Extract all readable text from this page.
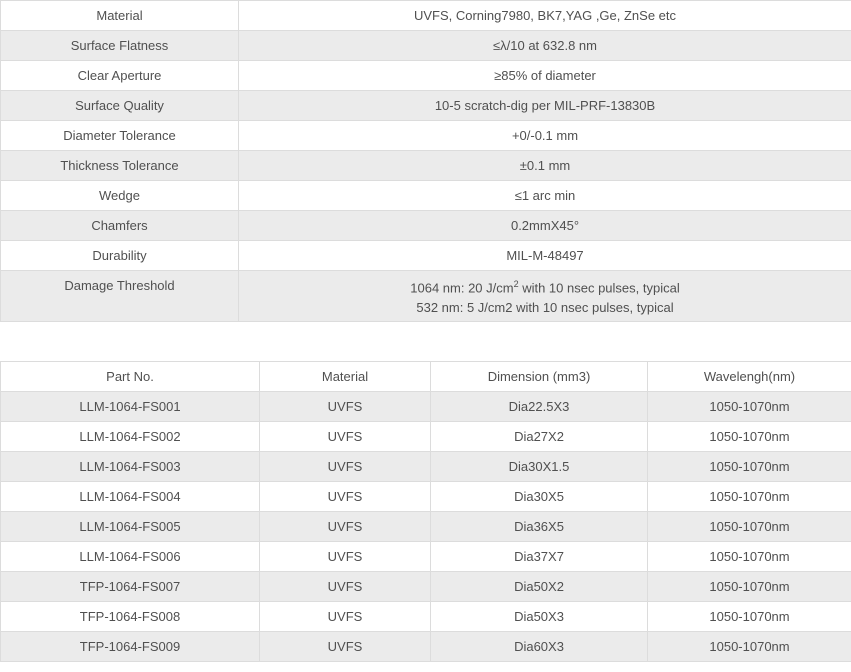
Material	UVFS, Corning7980, BK7,YAG ,Ge, ZnSe etc
Surface Flatness	≤λ/10 at 632.8 nm
Clear Aperture	≥85% of diameter
Surface Quality	10-5 scratch-dig per MIL-PRF-13830B
Diameter Tolerance	+0/-0.1 mm
Thickness Tolerance	±0.1 mm
Wedge	≤1 arc min
Chamfers	0.2mmX45°
Durability	MIL-M-48497
Damage Threshold	1064 nm: 20 $J/cm^2$ with 10 nsec pulses, typical
532 nm: 5 J/cm2 with 10 nsec pulses, typical
Part No.	Material	Dimension (mm3)	Wavelengh(nm)
LLM-1064-FS001	UVFS	Dia22.5X3	1050-1070nm
LLM-1064-FS002	UVFS	Dia27X2	1050-1070nm
LLM-1064-FS003	UVFS	Dia30X1.5	1050-1070nm
LLM-1064-FS004	UVFS	Dia30X5	1050-1070nm
LLM-1064-FS005	UVFS	Dia36X5	1050-1070nm
LLM-1064-FS006	UVFS	Dia37X7	1050-1070nm
TFP-1064-FS007	UVFS	Dia50X2	1050-1070nm
TFP-1064-FS008	UVFS	Dia50X3	1050-1070nm
TFP-1064-FS009	UVFS	Dia60X3	1050-1070nm
